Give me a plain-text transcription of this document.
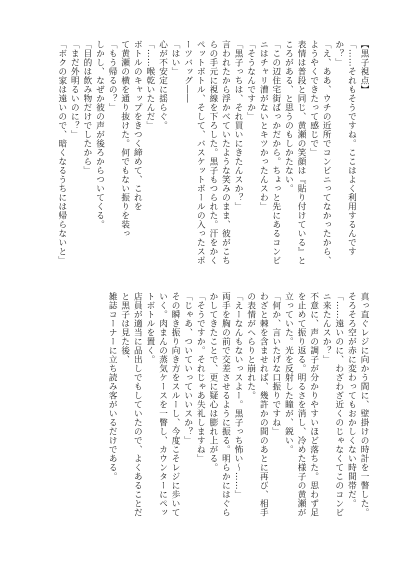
【黒子視点】
「……それもそうですね。ここはよく利用するんですか？」
「え、ああ、ウチの近所でコンビニってなかったから、ようやくできたって感じで」
表情は普段と同じ、黄瀬の笑顔は『貼り付けている』ところがある、と思うのもしかたない。
「この辺住宅街ばっかだから。ちょっと先にあるコンビニはチャリ漕がないとキツかったんスわ」
「そうなんですか」
「黒子っちは、それ買いにきたんスか？」
言われたから浮かべていたような笑みのまま、彼がこちらの手元に視線を下ろした。黒子もつられた。汗をかくペットボトル、そして、バスケットボールの入ったスポーツバッグ――
「はい」
心が不安定に揺らぐ。
「……喉乾いたんだ」
ボトルのキャップをきつく締めて、これを
て黄瀬の横を通り抜けた。何でもない振りを装っ
「もう帰るの？」
しかし、なぜか彼の声が後ろからついてくる。
「目的は飲み物だけでしたから」
「まだ外明るいのに？」
「ボクの家は遠いので、暗くなるうちには帰らないと」
真っ直ぐレジに向かう間に、壁掛けの時計を一瞥した。そろそろ空が赤に変わってもおかしくない時間帯だ。
「……遠いのに、わざわざ近くのじゃなくてこのコンビニ来たんスか？」
不意に、声の調子が分かりやすいほど落ちた。思わず足を止めて振り返る。明るさを消し、冷めた様子の黄瀬が立っていた。光を反射した瞳が、鋭い。
「何か、言いたげな口振りですね」
わざと棘を含ませれば、幾許かの間のあとに再び、相手の表情がへらりと崩れた。
「えーなんもないっスよー。黒子っち怖い〜……」
両手を胸の前で交差させるように振る。明らかにはぐらかしてきたことで、更に疑心は膨れ上がる。
「そうですか。それじゃあ失礼しますね」
「じゃあ、ついていっていいスか？」
その瞬き振り向き方をスルーし、今度こそレジに歩いていく。肉まんの蒸気ケースを一瞥し、カウンターにペットボトルを置く。
店員が適当に品出しでもしていたので、よくあることだと黒子は見た後、
雑誌コーナーに立ち読み客がいるだけである。
